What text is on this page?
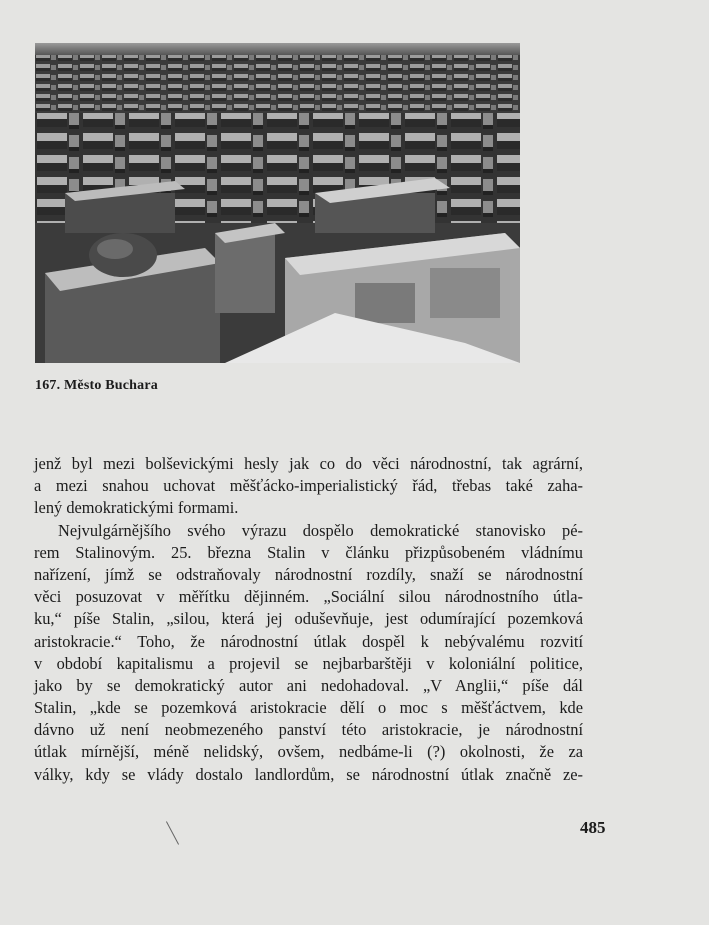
167. Město Buchara
jenž byl mezi bolševickými hesly jak co do věci národnostní, tak agrární,
a mezi snahou uchovat měšťácko-imperialistický řád, třebas také zaha-
lený demokratickými formami.
Nejvulgárnějšího svého výrazu dospělo demokratické stanovisko pé-
rem Stalinovým. 25. března Stalin v článku přizpůsobeném vládnímu
nařízení, jímž se odstraňovaly národnostní rozdíly, snaží se národnostní
věci posuzovat v měřítku dějinném. „Sociální silou národnostního útla-
ku,“ píše Stalin, „silou, která jej oduševňuje, jest odumírající pozemková
aristokracie.“ Toho, že národnostní útlak dospěl k nebývalému rozvití
v období kapitalismu a projevil se nejbarbarštěji v koloniální politice,
jako by se demokratický autor ani nedohadoval. „V Anglii,“ píše dál
Stalin, „kde se pozemková aristokracie dělí o moc s měšťáctvem, kde
dávno už není neobmezeného panství této aristokracie, je národnostní
útlak mírnější, méně nelidský, ovšem, nedbáme-li (?) okolnosti, že za
války, kdy se vlády dostalo landlordům, se národnostní útlak značně ze-
485
